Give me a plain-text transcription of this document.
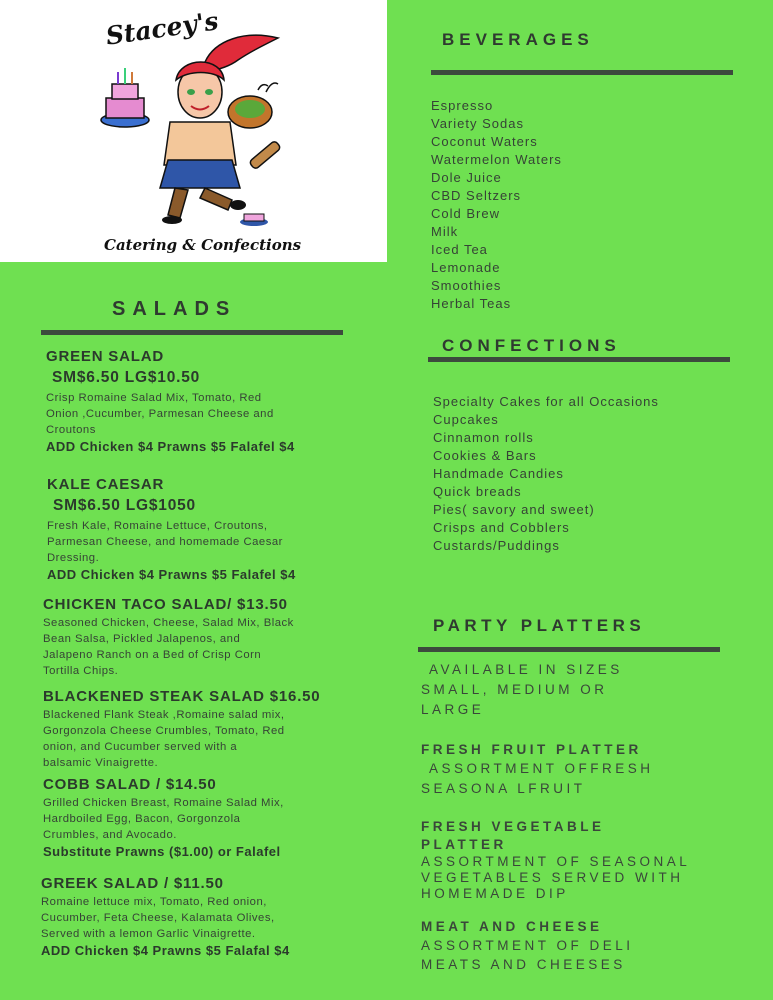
Stacey's
Catering & Confections
BEVERAGES
Espresso
Variety Sodas
Coconut Waters
Watermelon Waters
Dole Juice
CBD Seltzers
Cold Brew
Milk
Iced Tea
Lemonade
Smoothies
Herbal Teas
CONFECTIONS
Specialty Cakes for all Occasions
Cupcakes
Cinnamon rolls
Cookies & Bars
Handmade Candies
Quick breads
Pies( savory and sweet)
Crisps and Cobblers
Custards/Puddings
SALADS
GREEN SALAD
SM$6.50 LG$10.50
Crisp Romaine Salad Mix, Tomato, Red
Onion ,Cucumber, Parmesan Cheese and
Croutons
ADD Chicken $4 Prawns $5 Falafel $4
KALE CAESAR
SM$6.50 LG$1050
Fresh Kale, Romaine Lettuce, Croutons,
Parmesan Cheese, and homemade Caesar
Dressing.
ADD Chicken $4 Prawns $5 Falafel $4
CHICKEN TACO SALAD/ $13.50
Seasoned Chicken, Cheese, Salad Mix, Black
Bean Salsa, Pickled Jalapenos, and
Jalapeno Ranch on a Bed of Crisp Corn
Tortilla Chips.
BLACKENED STEAK SALAD $16.50
Blackened Flank Steak ,Romaine salad mix,
Gorgonzola Cheese Crumbles, Tomato, Red
onion, and Cucumber served with a
balsamic Vinaigrette.
COBB SALAD / $14.50
Grilled Chicken Breast, Romaine Salad Mix,
Hardboiled Egg, Bacon, Gorgonzola
Crumbles, and Avocado.
Substitute Prawns ($1.00) or Falafel
GREEK SALAD / $11.50
Romaine lettuce mix, Tomato, Red onion,
Cucumber, Feta Cheese, Kalamata Olives,
Served with a lemon Garlic Vinaigrette.
ADD Chicken $4 Prawns $5 Falafal $4
PARTY PLATTERS
AVAILABLE IN SIZES
SMALL, MEDIUM OR
LARGE
FRESH FRUIT PLATTER
ASSORTMENT OFFRESH
SEASONA LFRUIT
FRESH VEGETABLE
PLATTER
ASSORTMENT OF SEASONAL
VEGETABLES SERVED WITH
HOMEMADE DIP
MEAT AND CHEESE
ASSORTMENT OF DELI
MEATS AND CHEESES
